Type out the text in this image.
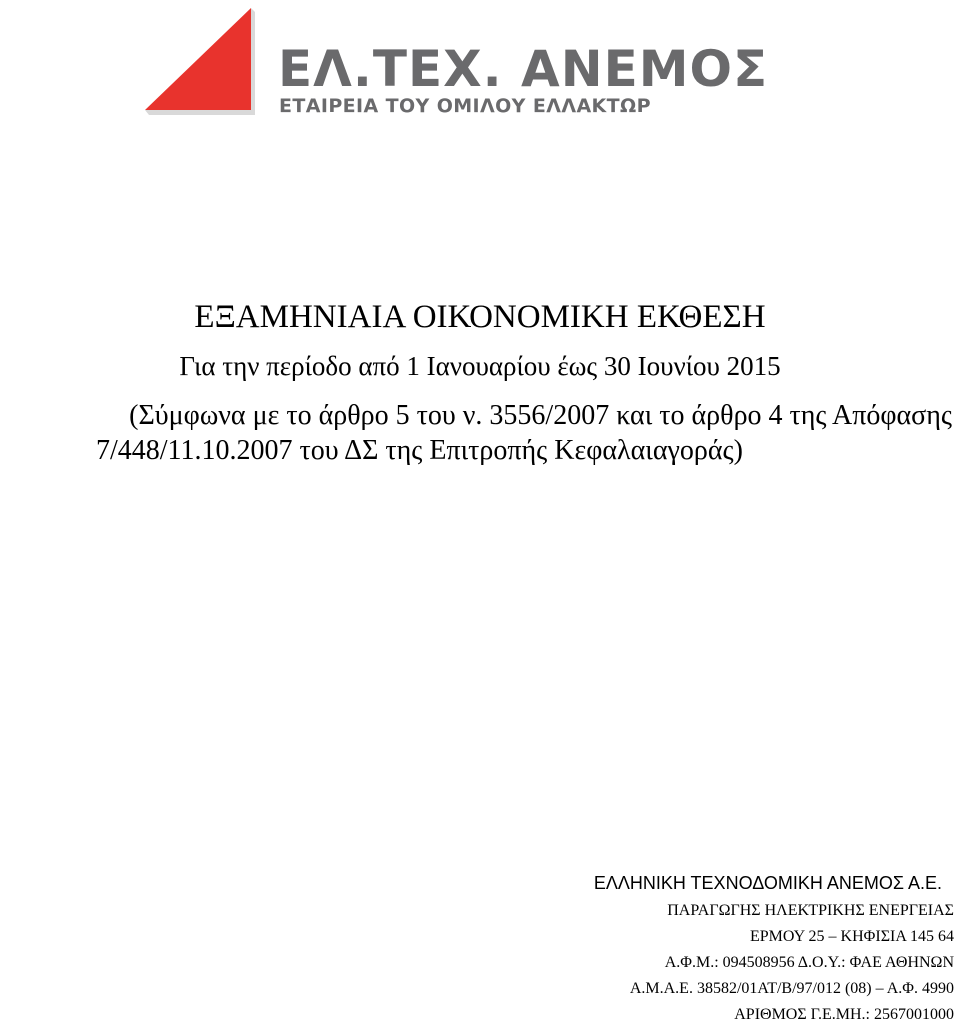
ΕΛ.ΤΕΧ. ΑΝΕΜΟΣ
ΕΤΑΙΡΕΙΑ ΤΟΥ ΟΜΙΛΟΥ ΕΛΛΑΚΤΩΡ
ΕΞΑΜΗΝΙΑΙΑ ΟΙΚΟΝΟΜΙΚΗ ΕΚΘΕΣΗ
Για την περίοδο από 1 Ιανουαρίου έως 30 Ιουνίου 2015
(Σύμφωνα με το άρθρο 5 του ν. 3556/2007 και το άρθρο 4 της Απόφασης
7/448/11.10.2007 του ΔΣ της Επιτροπής Κεφαλαιαγοράς)
ΕΛΛΗΝΙΚΗ ΤΕΧΝΟΔΟΜΙΚΗ ΑΝΕΜΟΣ Α.Ε.
ΠΑΡΑΓΩΓΗΣ ΗΛΕΚΤΡΙΚΗΣ ΕΝΕΡΓΕΙΑΣ
ΕΡΜΟΥ 25 – ΚΗΦΙΣΙΑ 145 64
Α.Φ.Μ.: 094508956 Δ.Ο.Υ.: ΦΑΕ ΑΘΗΝΩΝ
Α.Μ.Α.Ε. 38582/01ΑΤ/Β/97/012 (08) – Α.Φ. 4990
ΑΡΙΘΜΟΣ Γ.Ε.ΜΗ.: 2567001000
